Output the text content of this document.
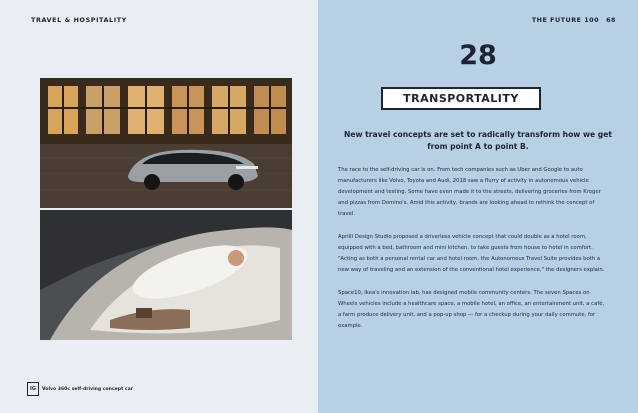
TRAVEL & HOSPITALITY	THE FUTURE 100 68
IG	Volvo 360c self-driving concept car
28
TRANSPORTALITY
New travel concepts are set to radically transform how we get from point A to point B.

The race to the self-driving car is on. From tech companies such as Uber and Google to auto manufacturers like Volvo, Toyota and Audi, 2018 saw a flurry of activity in autonomous vehicle development and testing. Some have even made it to the streets, delivering groceries from Kroger and pizzas from Domino's. Amid this activity, brands are looking ahead to rethink the concept of travel.

Aprilli Design Studio proposed a driverless vehicle concept that could double as a hotel room, equipped with a bed, bathroom and mini kitchen, to take guests from house to hotel in comfort. "Acting as both a personal rental car and hotel room, the Autonomous Travel Suite provides both a new way of traveling and an extension of the conventional hotel experience," the designers explain.

Space10, Ikea's innovation lab, has designed mobile community centers. The seven Spaces on Wheels vehicles include a healthcare space, a mobile hotel, an office, an entertainment unit, a café, a farm produce delivery unit, and a pop-up shop — for a checkup during your daily commute, for example.
